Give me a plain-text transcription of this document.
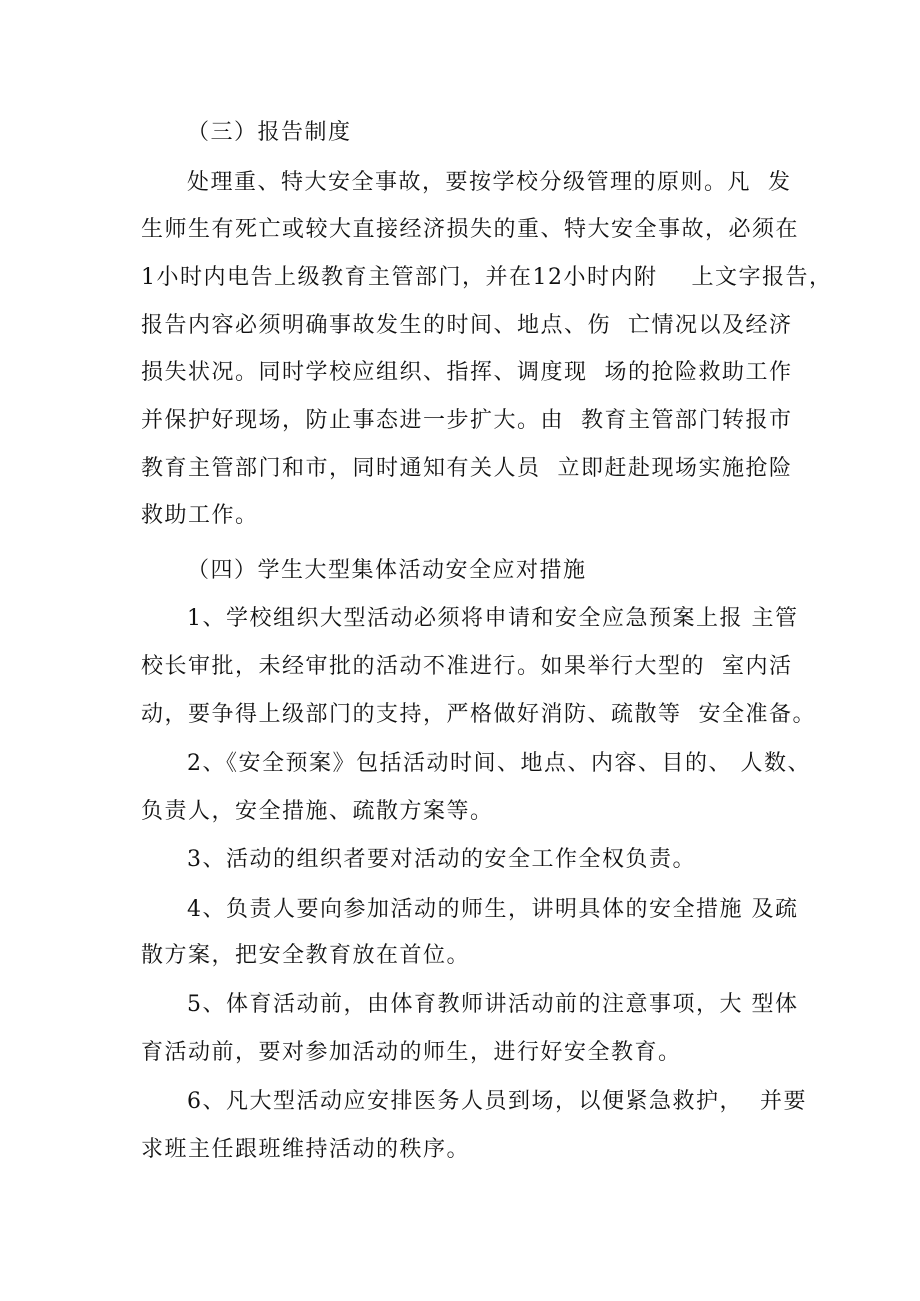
（三）报告制度
处理重、特大安全事故，要按学校分级管理的原则。凡  发
生师生有死亡或较大直接经济损失的重、特大安全事故，必须在
1小时内电告上级教育主管部门，并在12小时内附    上文字报告，
报告内容必须明确事故发生的时间、地点、伤  亡情况以及经济
损失状况。同时学校应组织、指挥、调度现  场的抢险救助工作
并保护好现场，防止事态进一步扩大。由  教育主管部门转报市
教育主管部门和市，同时通知有关人员  立即赶赴现场实施抢险
救助工作。
（四）学生大型集体活动安全应对措施
1、学校组织大型活动必须将申请和安全应急预案上报 主管
校长审批，未经审批的活动不准进行。如果举行大型的  室内活
动，要争得上级部门的支持，严格做好消防、疏散等  安全准备。
2、《安全预案》包括活动时间、地点、内容、目的、 人数、
负责人，安全措施、疏散方案等。
3、活动的组织者要对活动的安全工作全权负责。
4、负责人要向参加活动的师生，讲明具体的安全措施 及疏
散方案，把安全教育放在首位。
5、体育活动前，由体育教师讲活动前的注意事项，大 型体
育活动前，要对参加活动的师生，进行好安全教育。
6、凡大型活动应安排医务人员到场，以便紧急救护，  并要
求班主任跟班维持活动的秩序。
